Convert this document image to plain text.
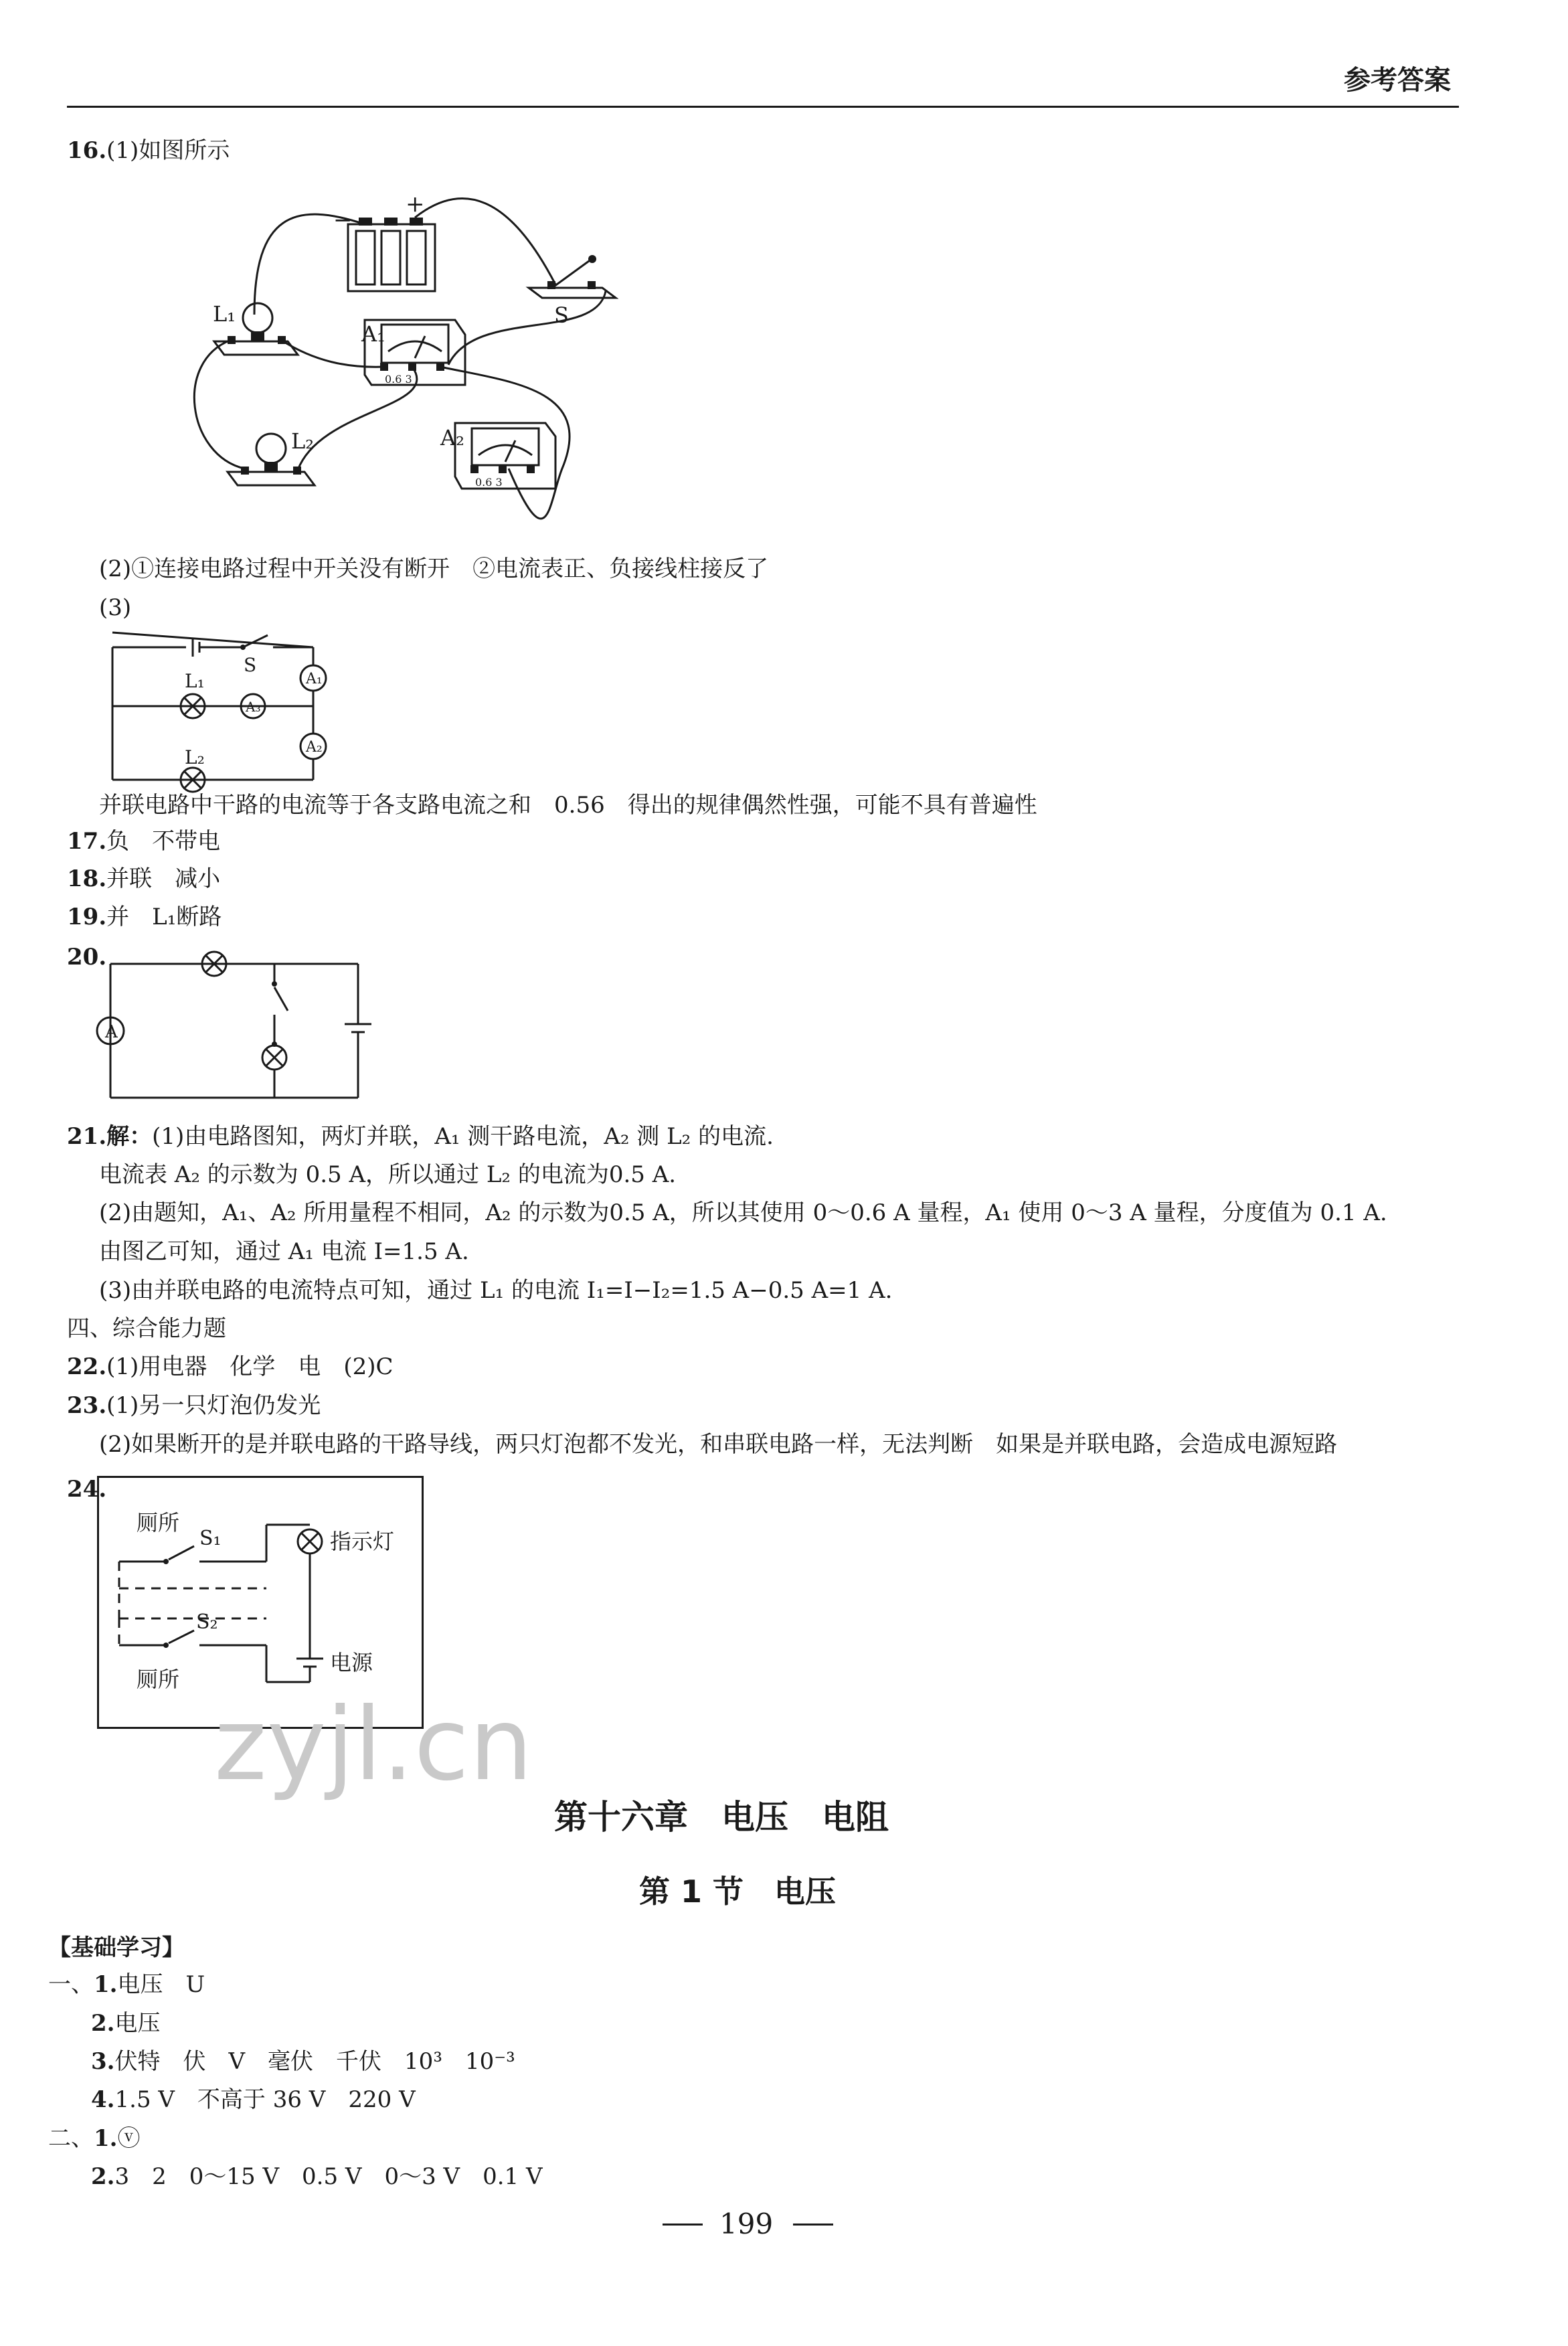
参考答案
16.(1)如图所示
−
+
S
L₁
A₁
0.6 3
L₂	A₂
0.6 3
(2)①连接电路过程中开关没有断开　②电流表正、负接线柱接反了
(3)
S
A₁
L₁
A₃
L₂	A₂
并联电路中干路的电流等于各支路电流之和　0.56　得出的规律偶然性强，可能不具有普遍性
17.负　不带电
18.并联　减小
19.并　L₁断路
20.
A
21.解：(1)由电路图知，两灯并联，A₁ 测干路电流，A₂ 测 L₂ 的电流.
电流表 A₂ 的示数为 0.5 A，所以通过 L₂ 的电流为0.5 A.
(2)由题知，A₁、A₂ 所用量程不相同，A₂ 的示数为0.5 A，所以其使用 0～0.6 A 量程，A₁ 使用 0～3 A 量程，分度值为 0.1 A.
由图乙可知，通过 A₁ 电流 I=1.5 A.
(3)由并联电路的电流特点可知，通过 L₁ 的电流 I₁=I−I₂=1.5 A−0.5 A=1 A.
四、综合能力题
22.(1)用电器　化学　电　(2)C
23.(1)另一只灯泡仍发光
(2)如果断开的是并联电路的干路导线，两只灯泡都不发光，和串联电路一样，无法判断　如果是并联电路，会造成电源短路
24.
厕所
S₁	指示灯
电源
S₂
厕所
zyjl.cn
第十六章　电压　电阻
第 1 节　电压
【基础学习】
一、1.电压　U
2.电压
3.伏特　伏　V　毫伏　千伏　10³　10⁻³
4.1.5 V　不高于 36 V　220 V
二、1.ⓥ
2.3　2　0～15 V　0.5 V　0～3 V　0.1 V
199
